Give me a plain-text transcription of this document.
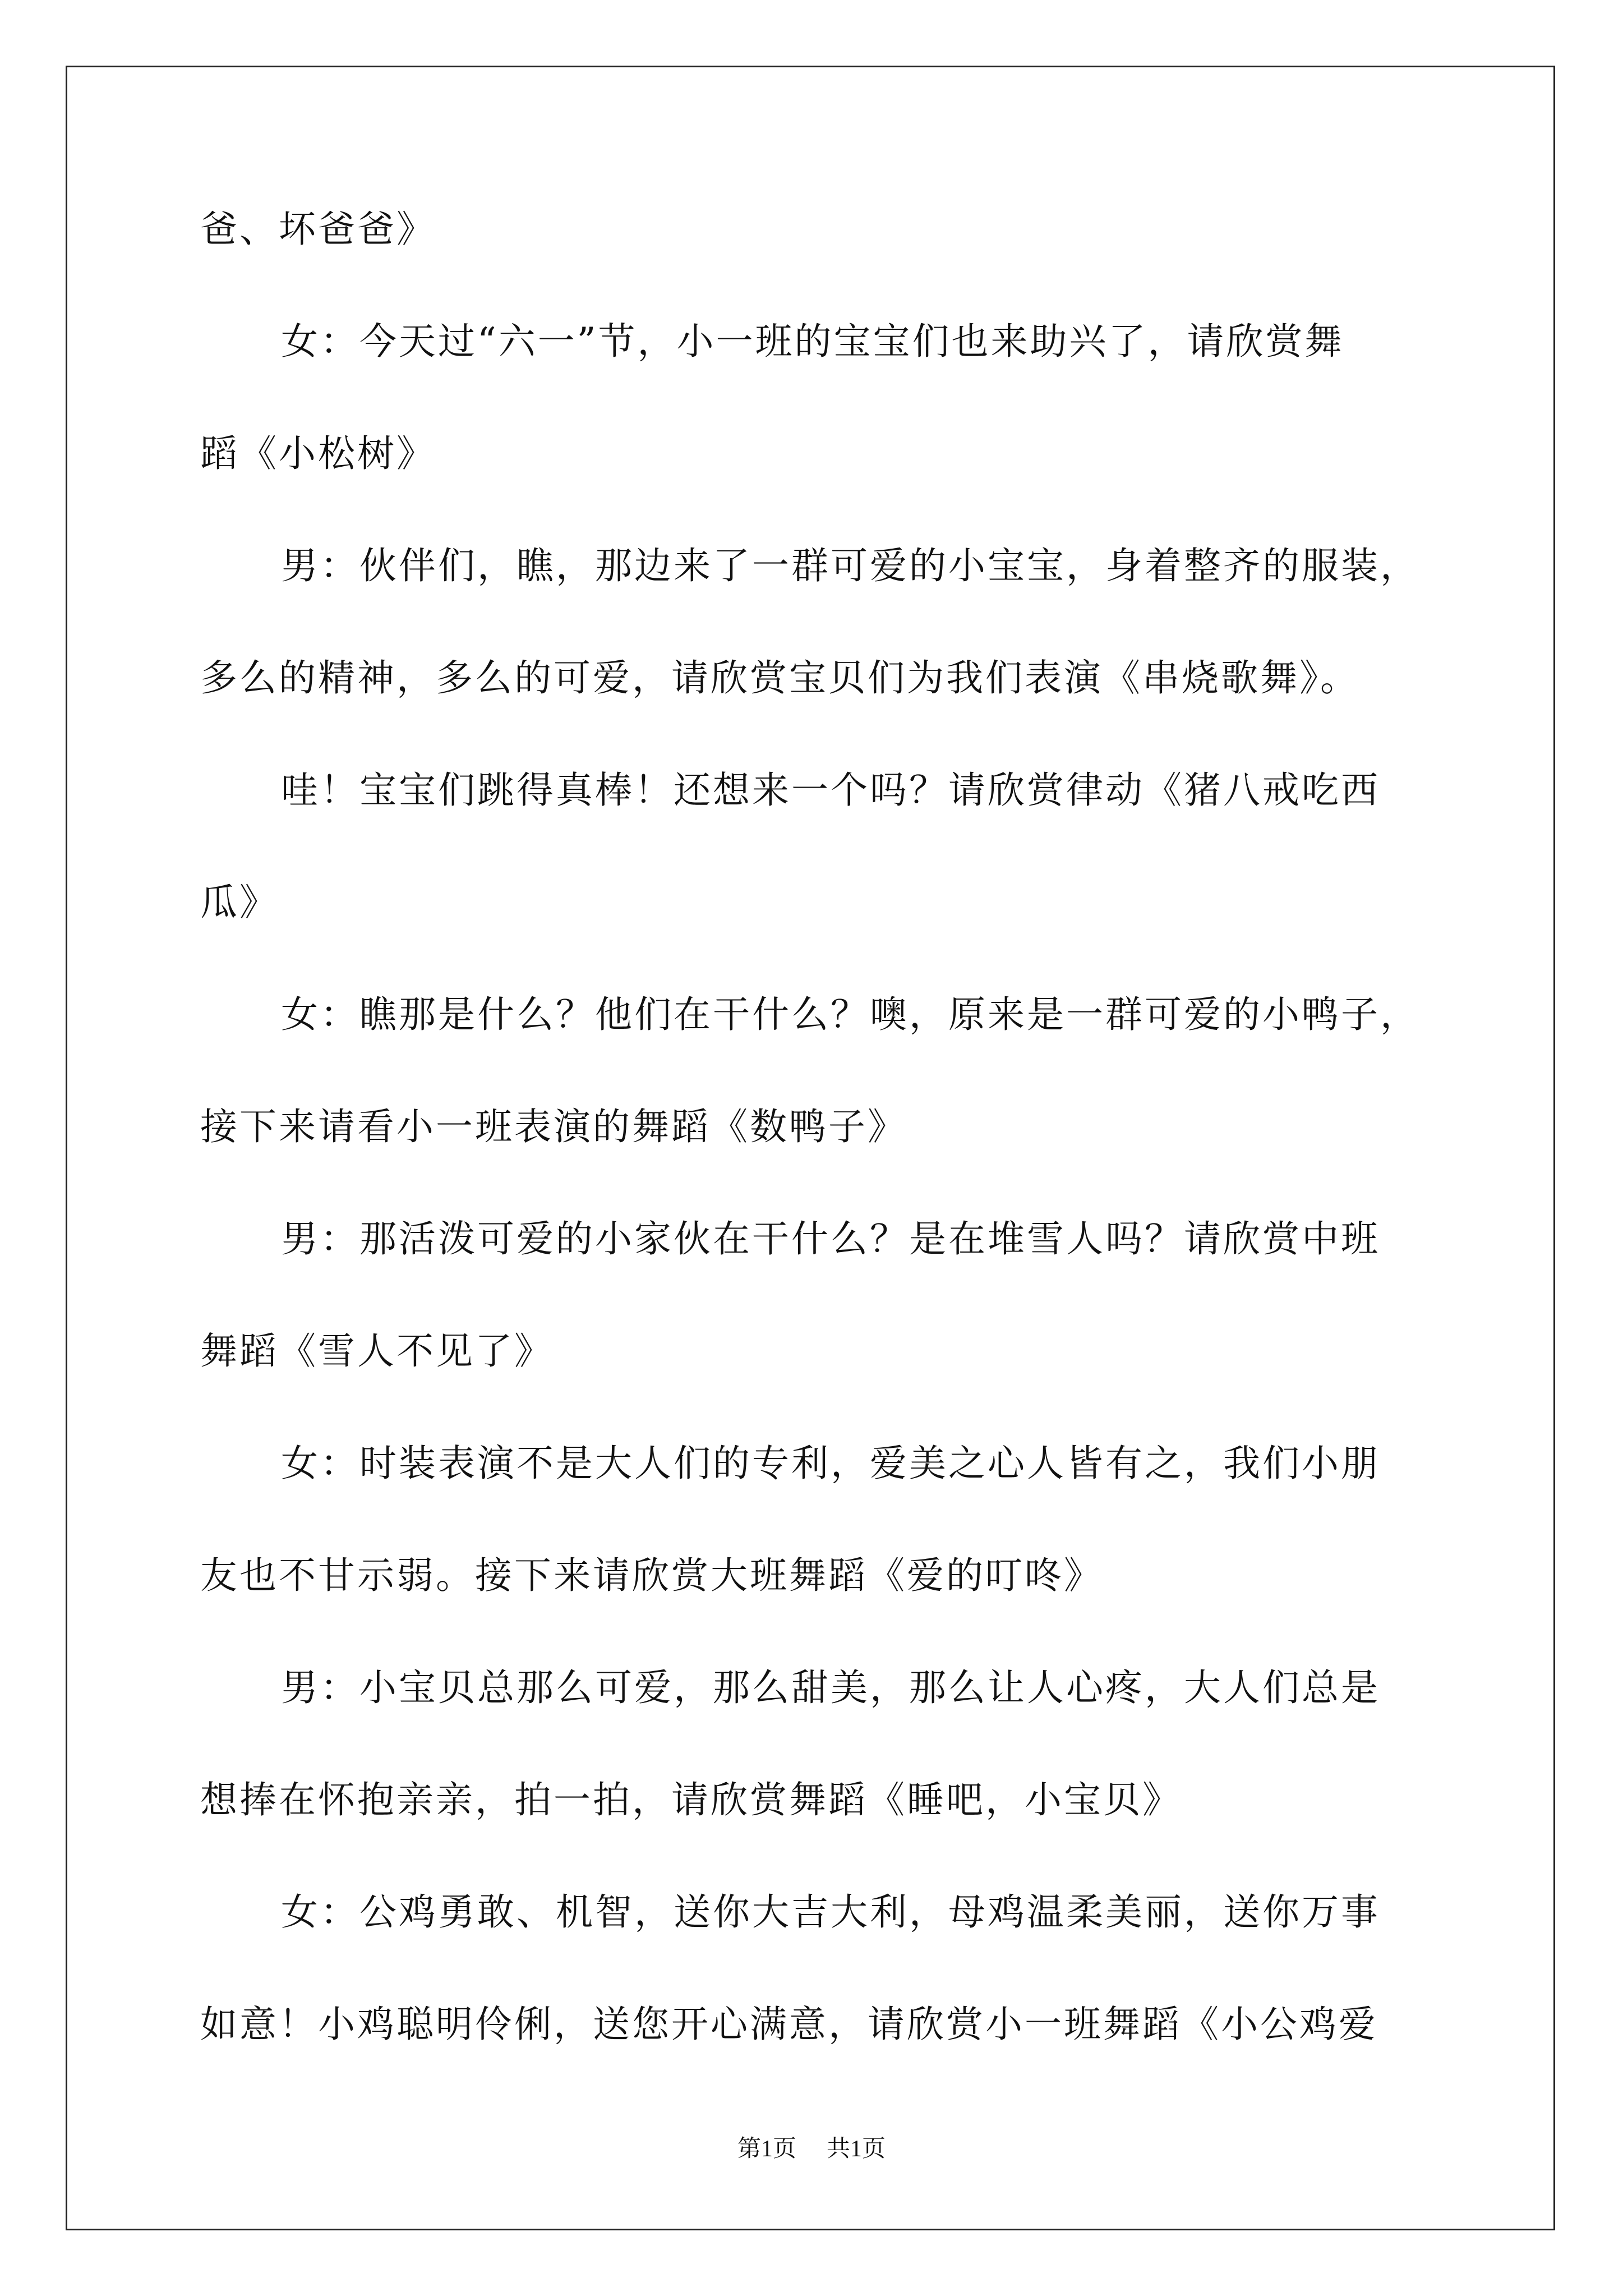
爸、坏爸爸》
女：今天过“六一”节，小一班的宝宝们也来助兴了，请欣赏舞
蹈《小松树》
男：伙伴们，瞧，那边来了一群可爱的小宝宝，身着整齐的服装，
多么的精神，多么的可爱，请欣赏宝贝们为我们表演《串烧歌舞》。
哇！宝宝们跳得真棒！还想来一个吗？请欣赏律动《猪八戒吃西
瓜》
女：瞧那是什么？他们在干什么？噢，原来是一群可爱的小鸭子，
接下来请看小一班表演的舞蹈《数鸭子》
男：那活泼可爱的小家伙在干什么？是在堆雪人吗？请欣赏中班
舞蹈《雪人不见了》
女：时装表演不是大人们的专利，爱美之心人皆有之，我们小朋
友也不甘示弱。接下来请欣赏大班舞蹈《爱的叮咚》
男：小宝贝总那么可爱，那么甜美，那么让人心疼，大人们总是
想捧在怀抱亲亲，拍一拍，请欣赏舞蹈《睡吧，小宝贝》
女：公鸡勇敢、机智，送你大吉大利，母鸡温柔美丽，送你万事
如意！小鸡聪明伶俐，送您开心满意，请欣赏小一班舞蹈《小公鸡爱
第1页 共1页
